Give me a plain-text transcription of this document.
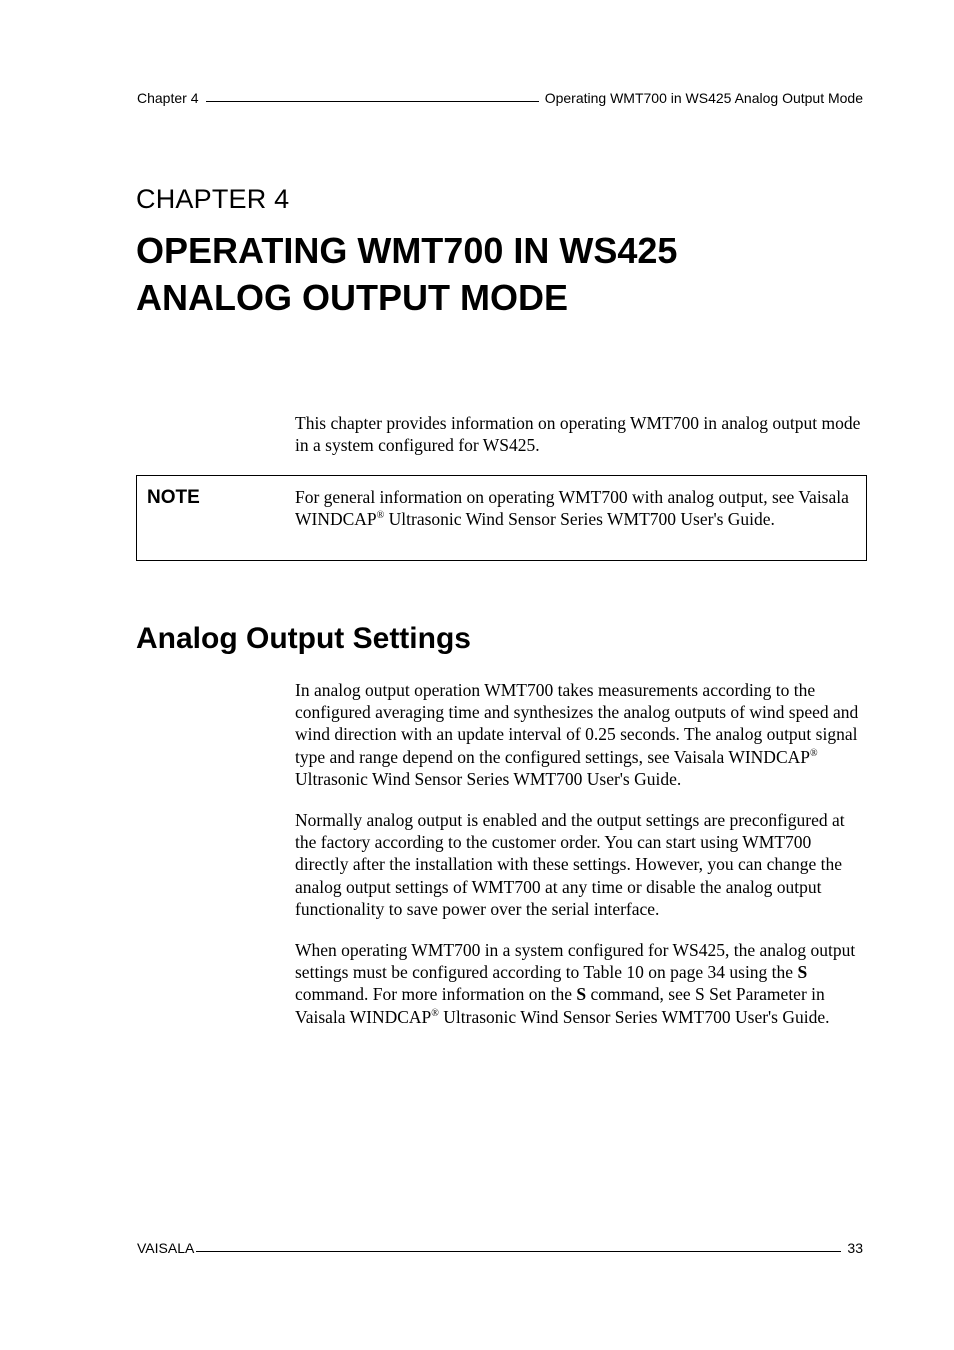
Chapter 4	Operating WMT700 in WS425 Analog Output Mode
CHAPTER 4
OPERATING WMT700 IN WS425
ANALOG OUTPUT MODE

This chapter provides information on operating WMT700 in analog output mode in a system configured for WS425.

NOTE	For general information on operating WMT700 with analog output, see Vaisala WINDCAP® Ultrasonic Wind Sensor Series WMT700 User's Guide.

Analog Output Settings

In analog output operation WMT700 takes measurements according to the configured averaging time and synthesizes the analog outputs of wind speed and wind direction with an update interval of 0.25 seconds. The analog output signal type and range depend on the configured settings, see Vaisala WINDCAP® Ultrasonic Wind Sensor Series WMT700 User's Guide.

Normally analog output is enabled and the output settings are preconfigured at the factory according to the customer order. You can start using WMT700 directly after the installation with these settings. However, you can change the analog output settings of WMT700 at any time or disable the analog output functionality to save power over the serial interface.

When operating WMT700 in a system configured for WS425, the analog output settings must be configured according to Table 10 on page 34 using the S command. For more information on the S command, see S Set Parameter in Vaisala WINDCAP® Ultrasonic Wind Sensor Series WMT700 User's Guide.

VAISALA	33
